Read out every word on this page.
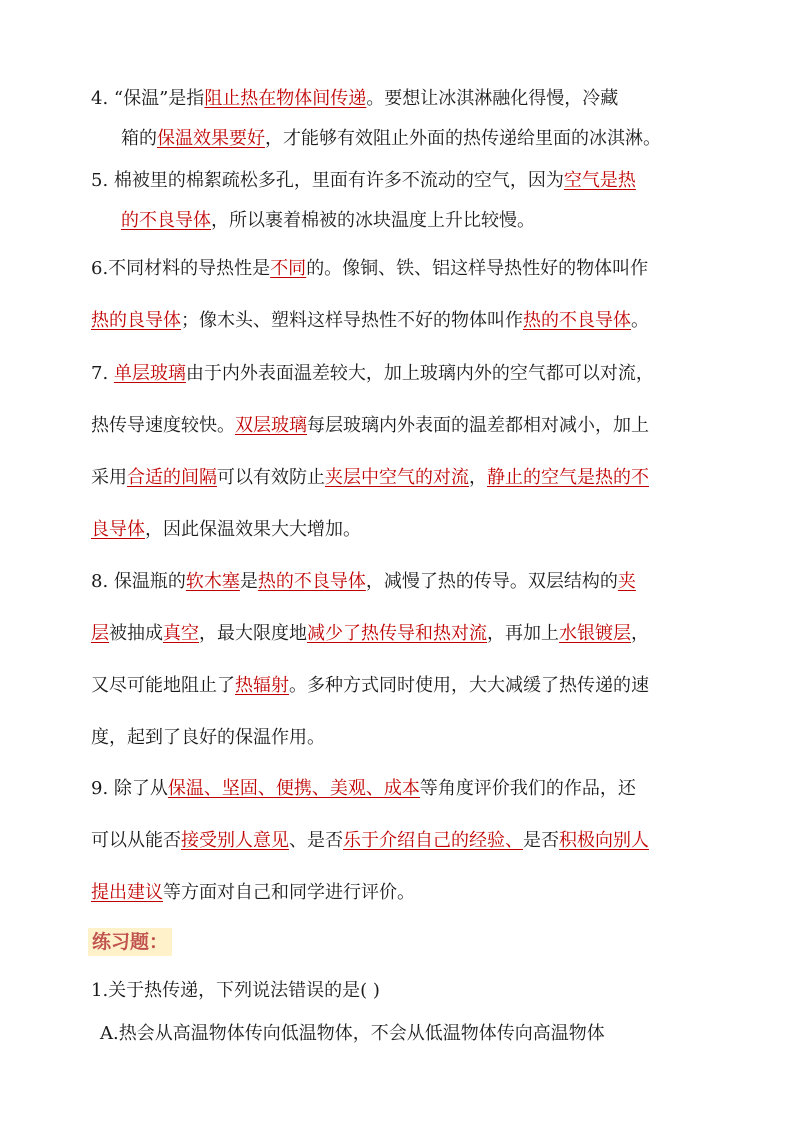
4. “保温”是指阻止热在物体间传递。要想让冰淇淋融化得慢，冷藏
箱的保温效果要好，才能够有效阻止外面的热传递给里面的冰淇淋。
5. 棉被里的棉絮疏松多孔，里面有许多不流动的空气，因为空气是热
的不良导体，所以裹着棉被的冰块温度上升比较慢。
6.不同材料的导热性是不同的。像铜、铁、铝这样导热性好的物体叫作
热的良导体；像木头、塑料这样导热性不好的物体叫作热的不良导体。
7. 单层玻璃由于内外表面温差较大，加上玻璃内外的空气都可以对流，
热传导速度较快。双层玻璃每层玻璃内外表面的温差都相对减小，加上
采用合适的间隔可以有效防止夹层中空气的对流，静止的空气是热的不
良导体，因此保温效果大大增加。
8. 保温瓶的软木塞是热的不良导体，减慢了热的传导。双层结构的夹
层被抽成真空，最大限度地减少了热传导和热对流，再加上水银镀层，
又尽可能地阻止了热辐射。多种方式同时使用，大大减缓了热传递的速
度，起到了良好的保温作用。
9. 除了从保温、坚固、便携、美观、成本等角度评价我们的作品，还
可以从能否接受别人意见、是否乐于介绍自己的经验、是否积极向别人
提出建议等方面对自己和同学进行评价。
练习题：
1.关于热传递，下列说法错误的是( )
A.热会从高温物体传向低温物体，不会从低温物体传向高温物体
